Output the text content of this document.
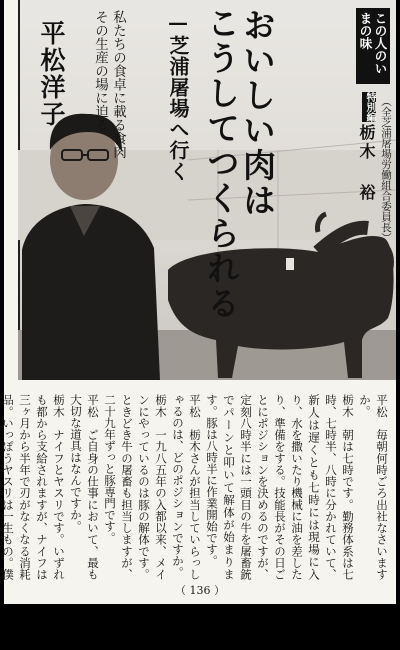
おいしい肉は
こうしてつくられる
—芝浦屠場へ行く
私たちの食卓に載る食肉
その生産の場に迫る
平松洋子	この人のいまの味
特別編
栃木 裕 （全芝浦屠場労働組合委員長）

平松　毎朝何時ごろ出社なさいますか。

栃木　朝は七時です。勤務体系は七時、七時半、八時に分かれていて、新人は遅くとも七時には現場に入り、水を撒いたり機械に油を差したり、準備をする。技能長がその日ごとにポジションを決めるのですが、定刻八時半には一頭目の牛を屠畜銃でパーンと叩いて解体が始まります。豚は八時半に作業開始です。

平松　栃木さんが担当していらっしゃるのは、どのポジションですか。

栃木　一九八五年の入都以来、メインにやっているのは豚の解体です。ときどき牛の屠畜も担当しますが、二十九年ずっと豚専門です。

平松　ご自身の仕事において、最も大切な道具はなんですか。

栃木　ナイフとヤスリです。いずれも都から支給されますが、ナイフは三ヶ月から半年で刃がなくなる消耗品。いっぽうヤスリは一生もの。僕

（ 136 ）
